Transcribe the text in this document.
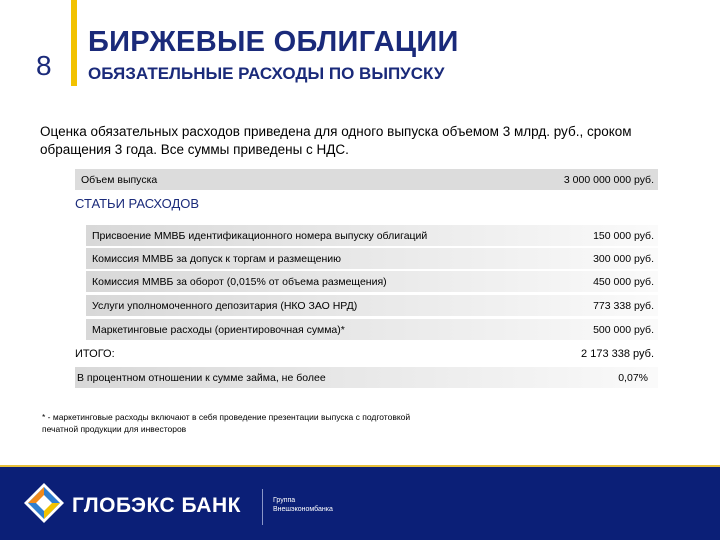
8
БИРЖЕВЫЕ ОБЛИГАЦИИ
ОБЯЗАТЕЛЬНЫЕ РАСХОДЫ ПО ВЫПУСКУ
Оценка обязательных расходов приведена для одного выпуска объемом 3 млрд. руб., сроком обращения 3 года. Все суммы приведены с НДС.
Объем выпуска	3 000 000 000 руб.
СТАТЬИ РАСХОДОВ
Присвоение ММВБ идентификационного номера выпуску облигаций	150 000 руб.
Комиссия ММВБ за допуск к торгам и размещению	300 000 руб.
Комиссия ММВБ за оборот (0,015% от объема размещения)	450 000 руб.
Услуги уполномоченного депозитария (НКО ЗАО НРД)	773 338 руб.
Маркетинговые расходы (ориентировочная сумма)*	500 000 руб.
ИТОГО:	2 173 338 руб.
В процентном отношении к сумме займа, не более	0,07%
* - маркетинговые расходы включают в себя проведение презентации выпуска с подготовкой печатной продукции для инвесторов
ГЛОБЭКС БАНК	Группа
Внешэкономбанка
